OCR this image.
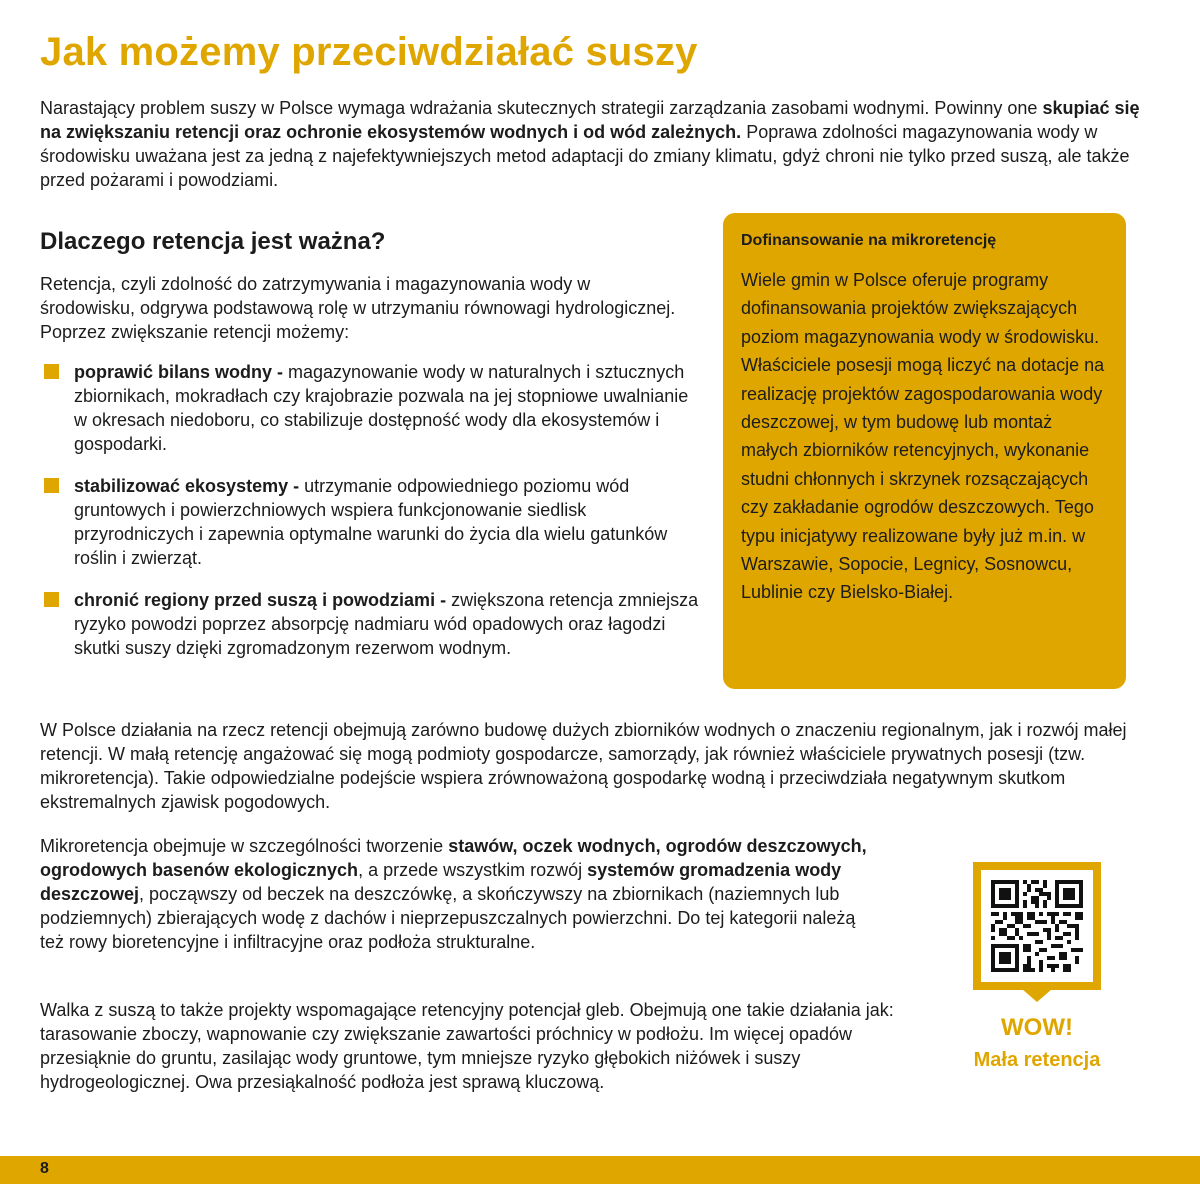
Jak możemy przeciwdziałać suszy

Narastający problem suszy w Polsce wymaga wdrażania skutecznych strategii zarządzania zasobami wodnymi. Powinny one skupiać się na zwiększaniu retencji oraz ochronie ekosystemów wodnych i od wód zależnych. Poprawa zdolności magazynowania wody w środowisku uważana jest za jedną z najefektywniejszych metod adaptacji do zmiany klimatu, gdyż chroni nie tylko przed suszą, ale także przed pożarami i powodziami.

Dlaczego retencja jest ważna?

Retencja, czyli zdolność do zatrzymywania i magazynowania wody w środowisku, odgrywa podstawową rolę w utrzymaniu równowagi hydrologicznej. Poprzez zwiększanie retencji możemy:

poprawić bilans wodny - magazynowanie wody w naturalnych i sztucznych zbiornikach, mokradłach czy krajobrazie pozwala na jej stopniowe uwalnianie w okresach niedoboru, co stabilizuje dostępność wody dla ekosystemów i gospodarki.
stabilizować ekosystemy - utrzymanie odpowiedniego poziomu wód gruntowych i powierzchniowych wspiera funkcjonowanie siedlisk przyrodniczych i zapewnia optymalne warunki do życia dla wielu gatunków roślin i zwierząt.
chronić regiony przed suszą i powodziami - zwiększona retencja zmniejsza ryzyko powodzi poprzez absorpcję nadmiaru wód opadowych oraz łagodzi skutki suszy dzięki zgromadzonym rezerwom wodnym.

Dofinansowanie na mikroretencję

Wiele gmin w Polsce oferuje programy dofinansowania projektów zwiększających poziom magazynowania wody w środowisku. Właściciele posesji mogą liczyć na dotacje na realizację projektów zagospodarowania wody deszczowej, w tym budowę lub montaż małych zbiorników retencyjnych, wykonanie studni chłonnych i skrzynek rozsączających czy zakładanie ogrodów deszczowych. Tego typu inicjatywy realizowane były już m.in. w Warszawie, Sopocie, Legnicy, Sosnowcu, Lublinie czy Bielsko-Białej.

W Polsce działania na rzecz retencji obejmują zarówno budowę dużych zbiorników wodnych o znaczeniu regionalnym, jak i rozwój małej retencji. W małą retencję angażować się mogą podmioty gospodarcze, samorządy, jak również właściciele prywatnych posesji (tzw. mikroretencja). Takie odpowiedzialne podejście wspiera zrównoważoną gospodarkę wodną i przeciwdziała negatywnym skutkom ekstremalnych zjawisk pogodowych.

Mikroretencja obejmuje w szczególności tworzenie stawów, oczek wodnych, ogrodów deszczowych, ogrodowych basenów ekologicznych, a przede wszystkim rozwój systemów gromadzenia wody deszczowej, począwszy od beczek na deszczówkę, a skończywszy na zbiornikach (naziemnych lub podziemnych) zbierających wodę z dachów i nieprzepuszczalnych powierzchni. Do tej kategorii należą też rowy bioretencyjne i infiltracyjne oraz podłoża strukturalne.

Walka z suszą to także projekty wspomagające retencyjny potencjał gleb. Obejmują one takie działania jak: tarasowanie zboczy, wapnowanie czy zwiększanie zawartości próchnicy w podłożu. Im więcej opadów przesiąknie do gruntu, zasilając wody gruntowe, tym mniejsze ryzyko głębokich niżówek i suszy hydrogeologicznej. Owa przesiąkalność podłoża jest sprawą kluczową.

WOW!

Mała retencja

8
